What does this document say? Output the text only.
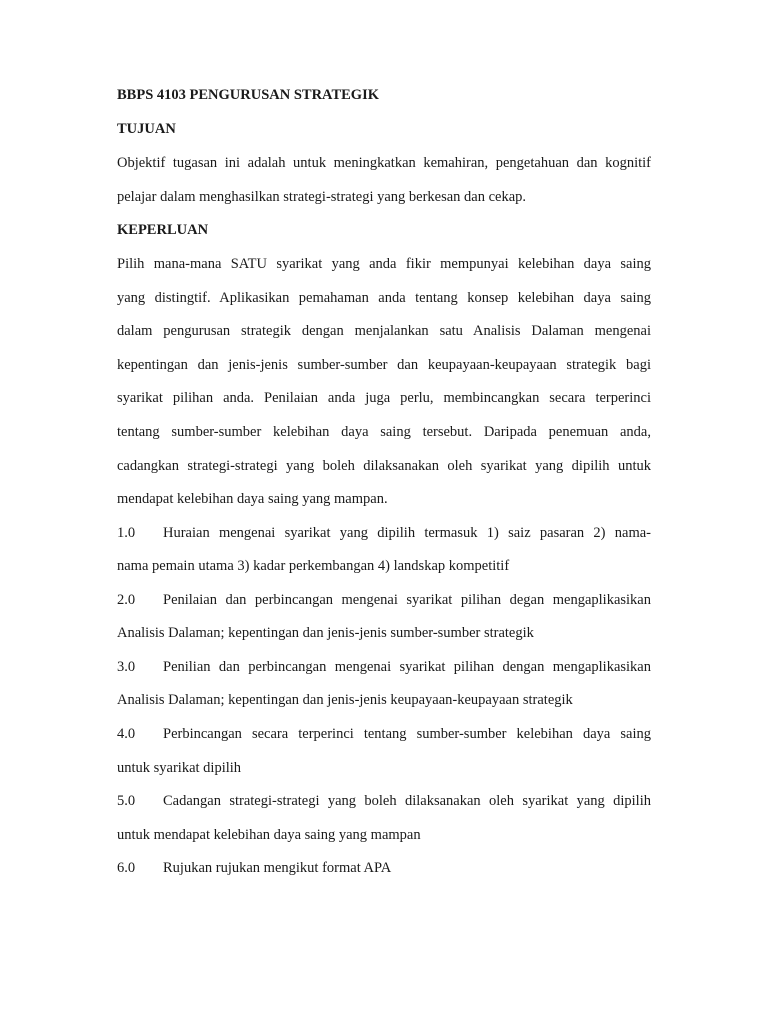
BBPS 4103 PENGURUSAN STRATEGIK
TUJUAN
Objektif tugasan ini adalah untuk meningkatkan kemahiran, pengetahuan dan kognitif
pelajar dalam menghasilkan strategi-strategi yang berkesan dan cekap.
KEPERLUAN
Pilih mana-mana SATU syarikat yang anda fikir mempunyai kelebihan daya saing
yang distingtif. Aplikasikan pemahaman anda tentang konsep kelebihan daya saing
dalam pengurusan strategik dengan menjalankan satu Analisis Dalaman mengenai
kepentingan dan jenis-jenis sumber-sumber dan keupayaan-keupayaan strategik bagi
syarikat pilihan anda. Penilaian anda juga perlu, membincangkan secara terperinci
tentang sumber-sumber kelebihan daya saing tersebut. Daripada penemuan anda,
cadangkan strategi-strategi yang boleh dilaksanakan oleh syarikat yang dipilih untuk
mendapat kelebihan daya saing yang mampan.
1.0 Huraian mengenai syarikat yang dipilih termasuk 1) saiz pasaran 2) nama-
nama pemain utama 3) kadar perkembangan 4) landskap kompetitif
2.0 Penilaian dan perbincangan mengenai syarikat pilihan degan mengaplikasikan
Analisis Dalaman; kepentingan dan jenis-jenis sumber-sumber strategik
3.0 Penilian dan perbincangan mengenai syarikat pilihan dengan mengaplikasikan
Analisis Dalaman; kepentingan dan jenis-jenis keupayaan-keupayaan strategik
4.0 Perbincangan secara terperinci tentang sumber-sumber kelebihan daya saing
untuk syarikat dipilih
5.0 Cadangan strategi-strategi yang boleh dilaksanakan oleh syarikat yang dipilih
untuk mendapat kelebihan daya saing yang mampan
6.0 Rujukan rujukan mengikut format APA
